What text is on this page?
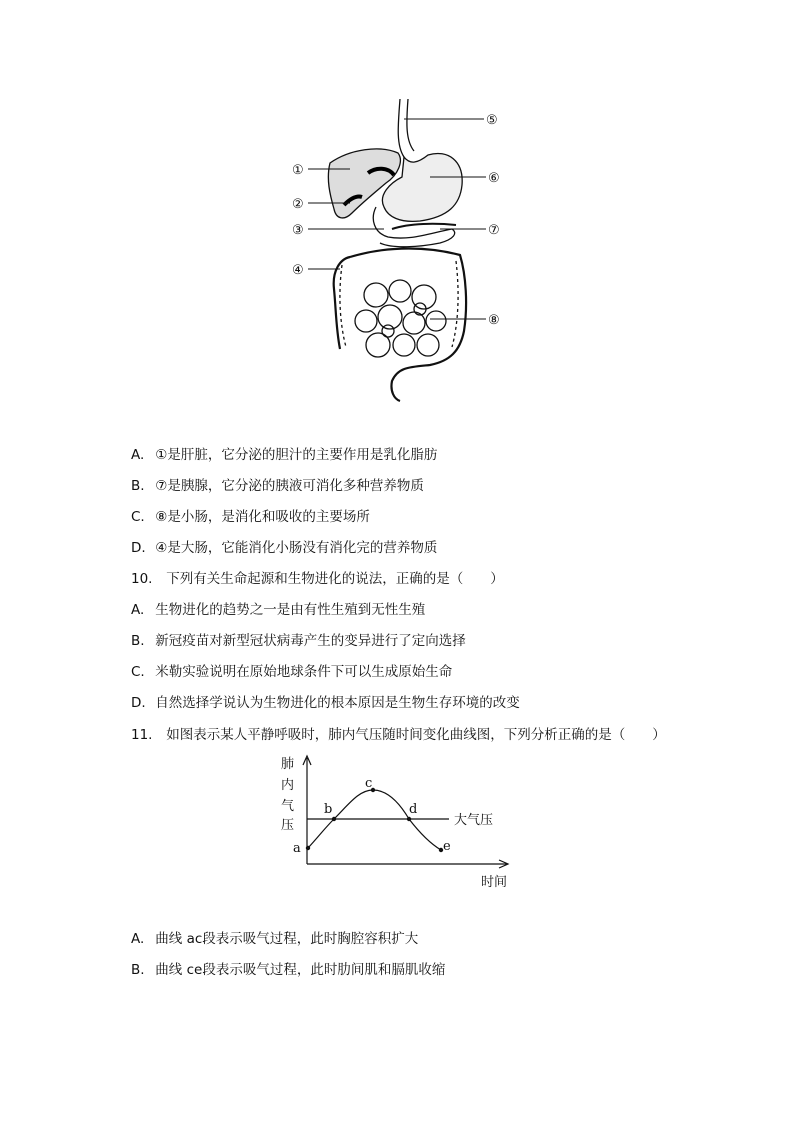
①
②
③
④
⑤
⑥
⑦
⑧
A. ①是肝脏，它分泌的胆汁的主要作用是乳化脂肪
B. ⑦是胰腺，它分泌的胰液可消化多种营养物质
C. ⑧是小肠，是消化和吸收的主要场所
D. ④是大肠，它能消化小肠没有消化完的营养物质
10. 下列有关生命起源和生物进化的说法，正确的是（　　）
A. 生物进化的趋势之一是由有性生殖到无性生殖
B. 新冠疫苗对新型冠状病毒产生的变异进行了定向选择
C. 米勒实验说明在原始地球条件下可以生成原始生命
D. 自然选择学说认为生物进化的根本原因是生物生存环境的改变
11. 如图表示某人平静呼吸时，肺内气压随时间变化曲线图，下列分析正确的是（　　）
肺
内
气
压
a
b
c
d
e
大气压
时间
A. 曲线 ac段表示吸气过程，此时胸腔容积扩大
B. 曲线 ce段表示吸气过程，此时肋间肌和膈肌收缩
